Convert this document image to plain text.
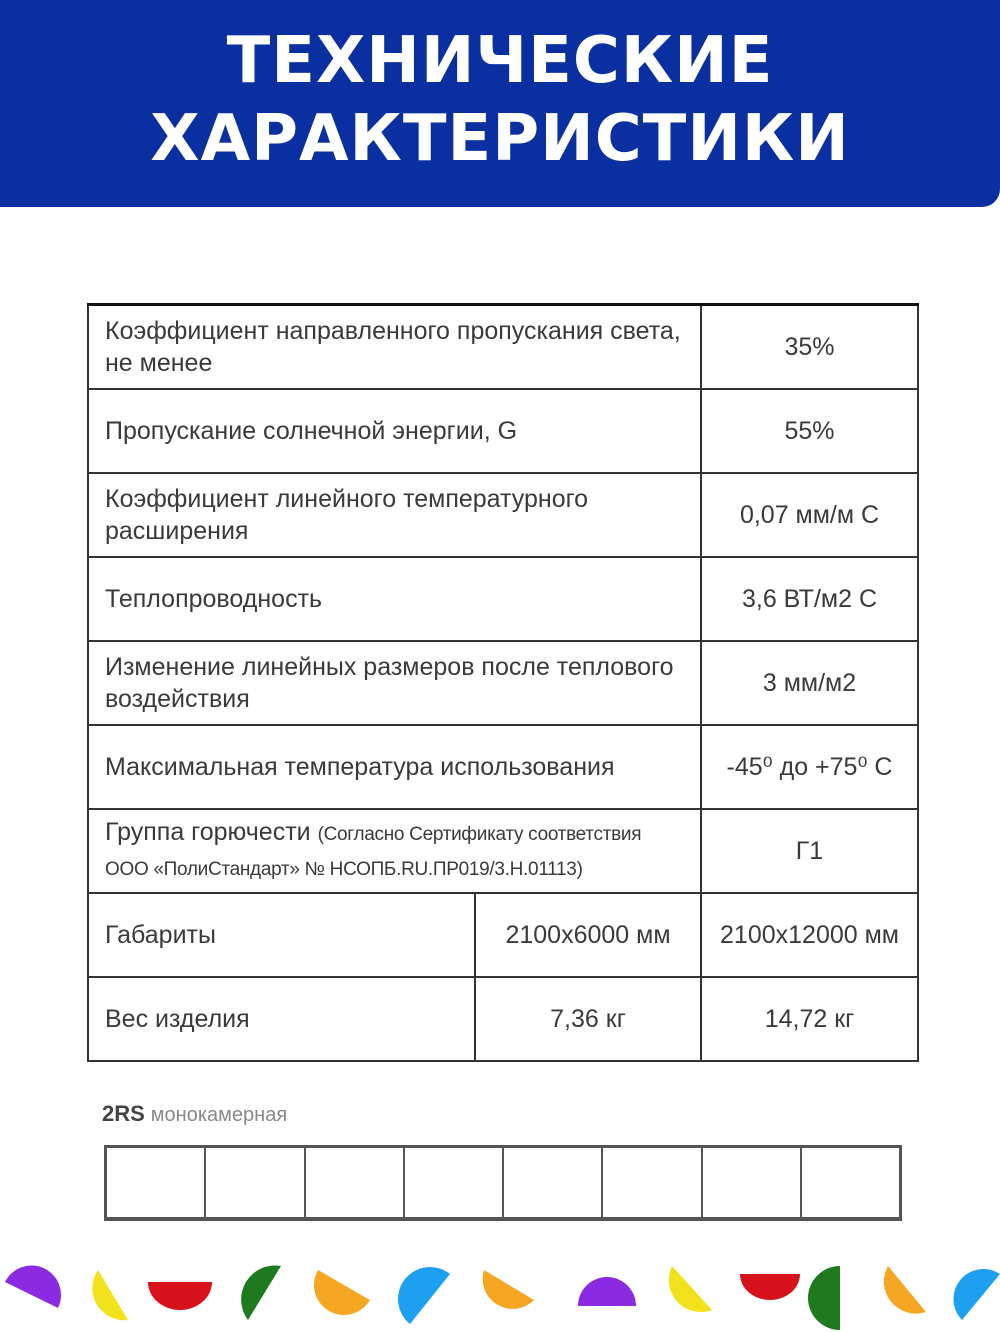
ТЕХНИЧЕСКИЕ
ХАРАКТЕРИСТИКИ
Коэффициент направленного пропускания света, не менее		35%
Пропускание солнечной энергии, G		55%
Коэффициент линейного температурного расширения		0,07 мм/м С
Теплопроводность		3,6 ВТ/м2 С
Изменение линейных размеров после теплового воздействия		3 мм/м2
Максимальная температура использования		-45⁰ до +75⁰ С
Группа горючести (Согласно Сертификату соответствия ООО «ПолиСтандарт» № НСОПБ.RU.ПР019/3.Н.01113)		Г1
Габариты	2100х6000 мм	2100х12000 мм
Вес изделия	7,36 кг	14,72 кг
2RS монокамерная
